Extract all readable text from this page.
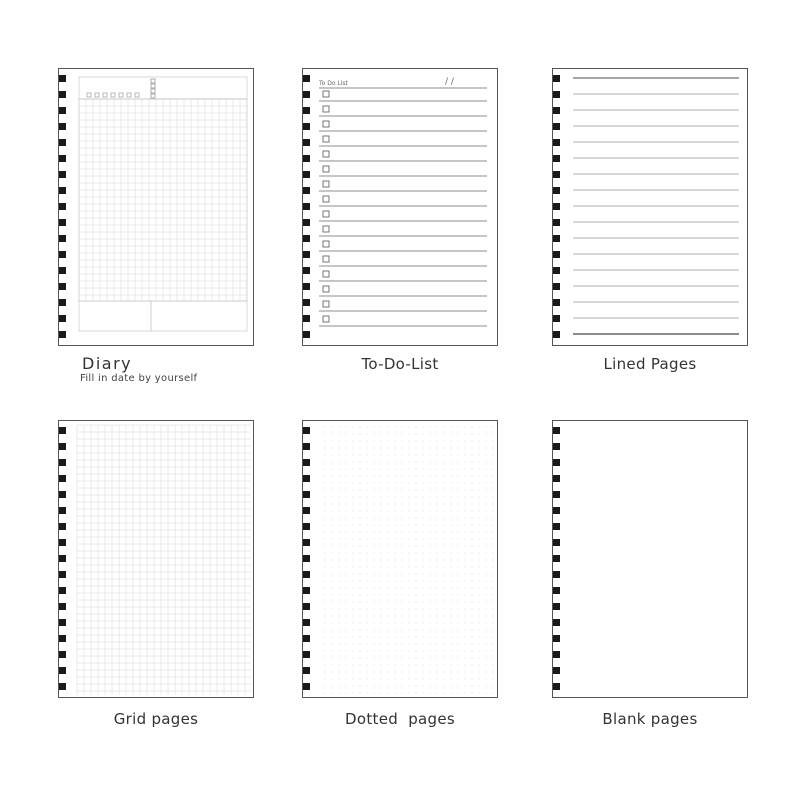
To Do List	/ /
Diary
Fill in date by yourself
To-Do-List	Lined Pages
Grid pages	Dotted  pages	Blank pages
